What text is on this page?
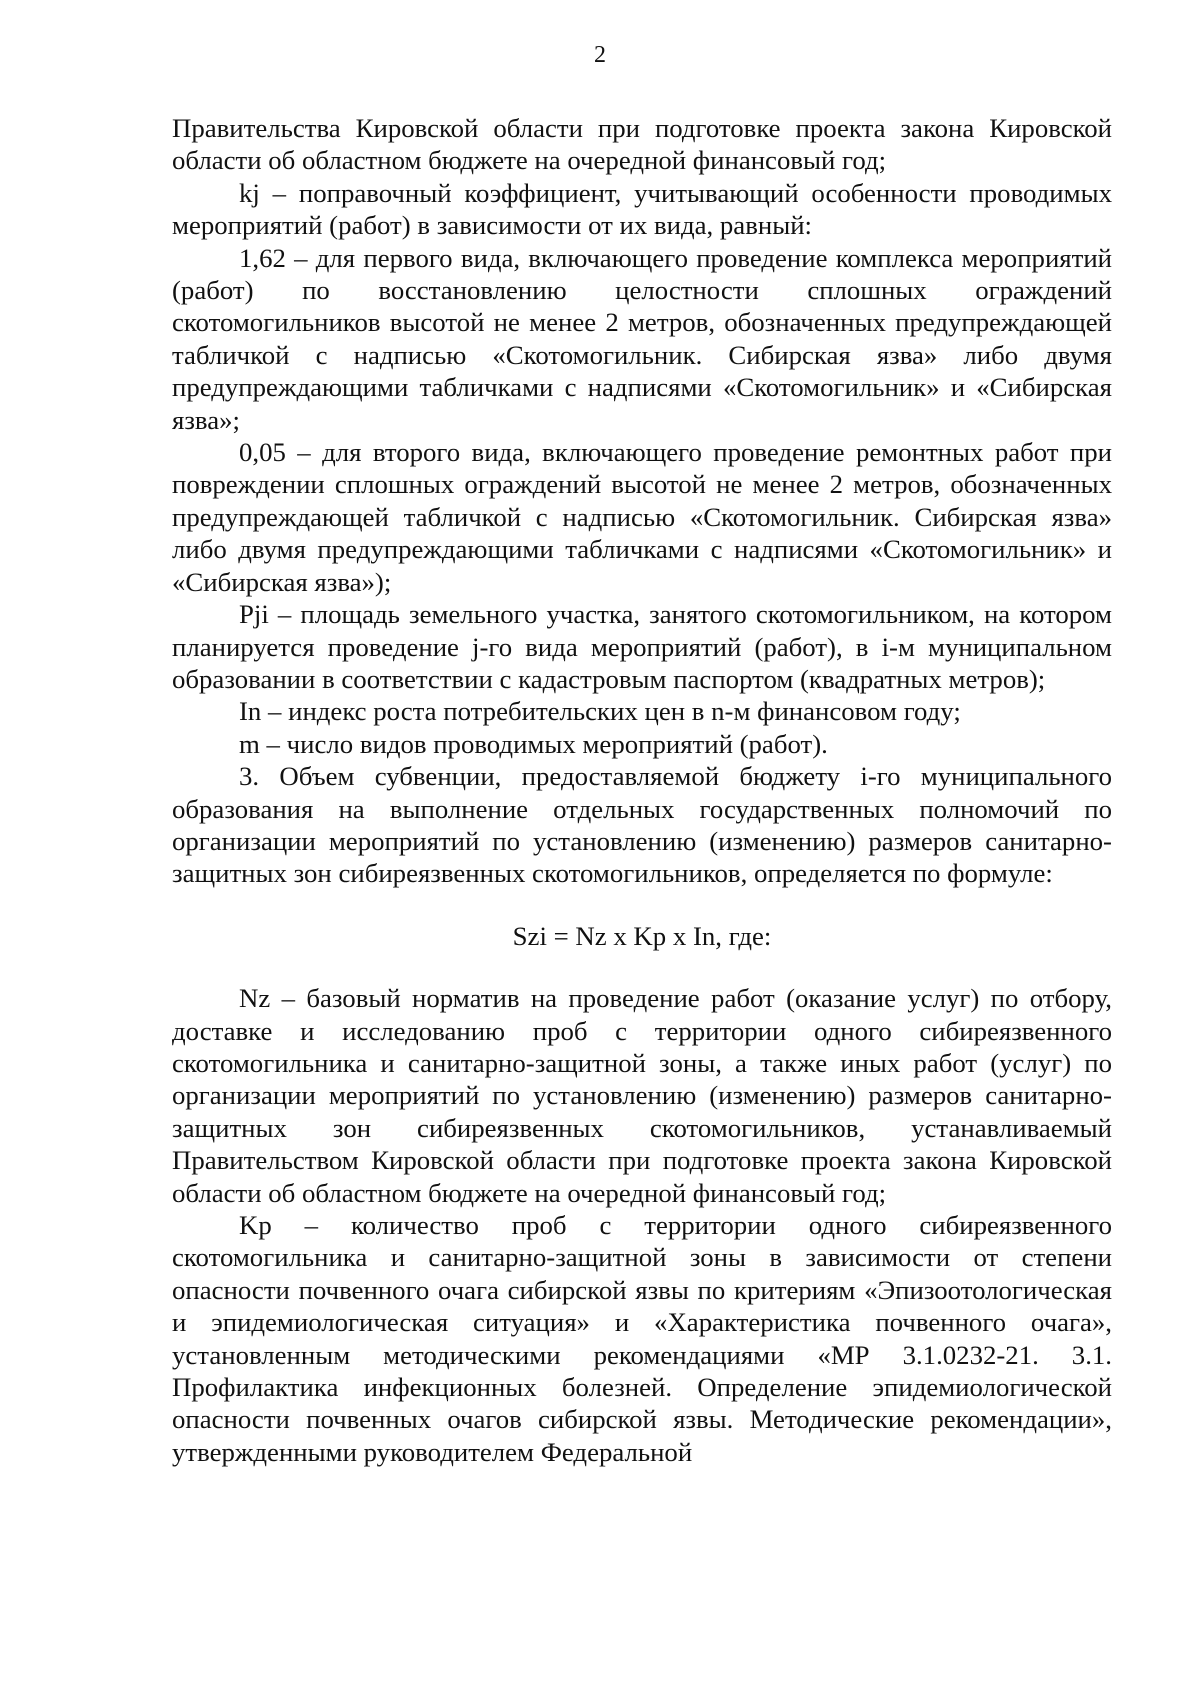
2

Правительства Кировской области при подготовке проекта закона Кировской области об областном бюджете на очередной финансовый год;

kj – поправочный коэффициент, учитывающий особенности проводимых мероприятий (работ) в зависимости от их вида, равный:

1,62 – для первого вида, включающего проведение комплекса мероприятий (работ) по восстановлению целостности сплошных ограждений скотомогильников высотой не менее 2 метров, обозначенных предупреждающей табличкой с надписью «Скотомогильник. Сибирская язва» либо двумя предупреждающими табличками с надписями «Скотомогильник» и «Сибирская язва»;

0,05 – для второго вида, включающего проведение ремонтных работ при повреждении сплошных ограждений высотой не менее 2 метров, обозначенных предупреждающей табличкой с надписью «Скотомогильник. Сибирская язва» либо двумя предупреждающими табличками с надписями «Скотомогильник» и «Сибирская язва»);

Pji – площадь земельного участка, занятого скотомогильником, на котором планируется проведение j-го вида мероприятий (работ), в i-м муниципальном образовании в соответствии с кадастровым паспортом (квадратных метров);

In – индекс роста потребительских цен в n-м финансовом году;

m – число видов проводимых мероприятий (работ).

3. Объем субвенции, предоставляемой бюджету i-го муниципального образования на выполнение отдельных государственных полномочий по организации мероприятий по установлению (изменению) размеров санитарно-защитных зон сибиреязвенных скотомогильников, определяется по формуле:

Szi = Nz x Kp x In, где:

Nz – базовый норматив на проведение работ (оказание услуг) по отбору, доставке и исследованию проб с территории одного сибиреязвенного скотомогильника и санитарно-защитной зоны, а также иных работ (услуг) по организации мероприятий по установлению (изменению) размеров санитарно-защитных зон сибиреязвенных скотомогильников, устанавливаемый Правительством Кировской области при подготовке проекта закона Кировской области об областном бюджете на очередной финансовый год;

Kp – количество проб с территории одного сибиреязвенного скотомогильника и санитарно-защитной зоны в зависимости от степени опасности почвенного очага сибирской язвы по критериям «Эпизоотологическая и эпидемиологическая ситуация» и «Характеристика почвенного очага», установленным методическими рекомендациями «МР 3.1.0232-21. 3.1. Профилактика инфекционных болезней. Определение эпидемиологической опасности почвенных очагов сибирской язвы. Методические рекомендации», утвержденными руководителем Федеральной
